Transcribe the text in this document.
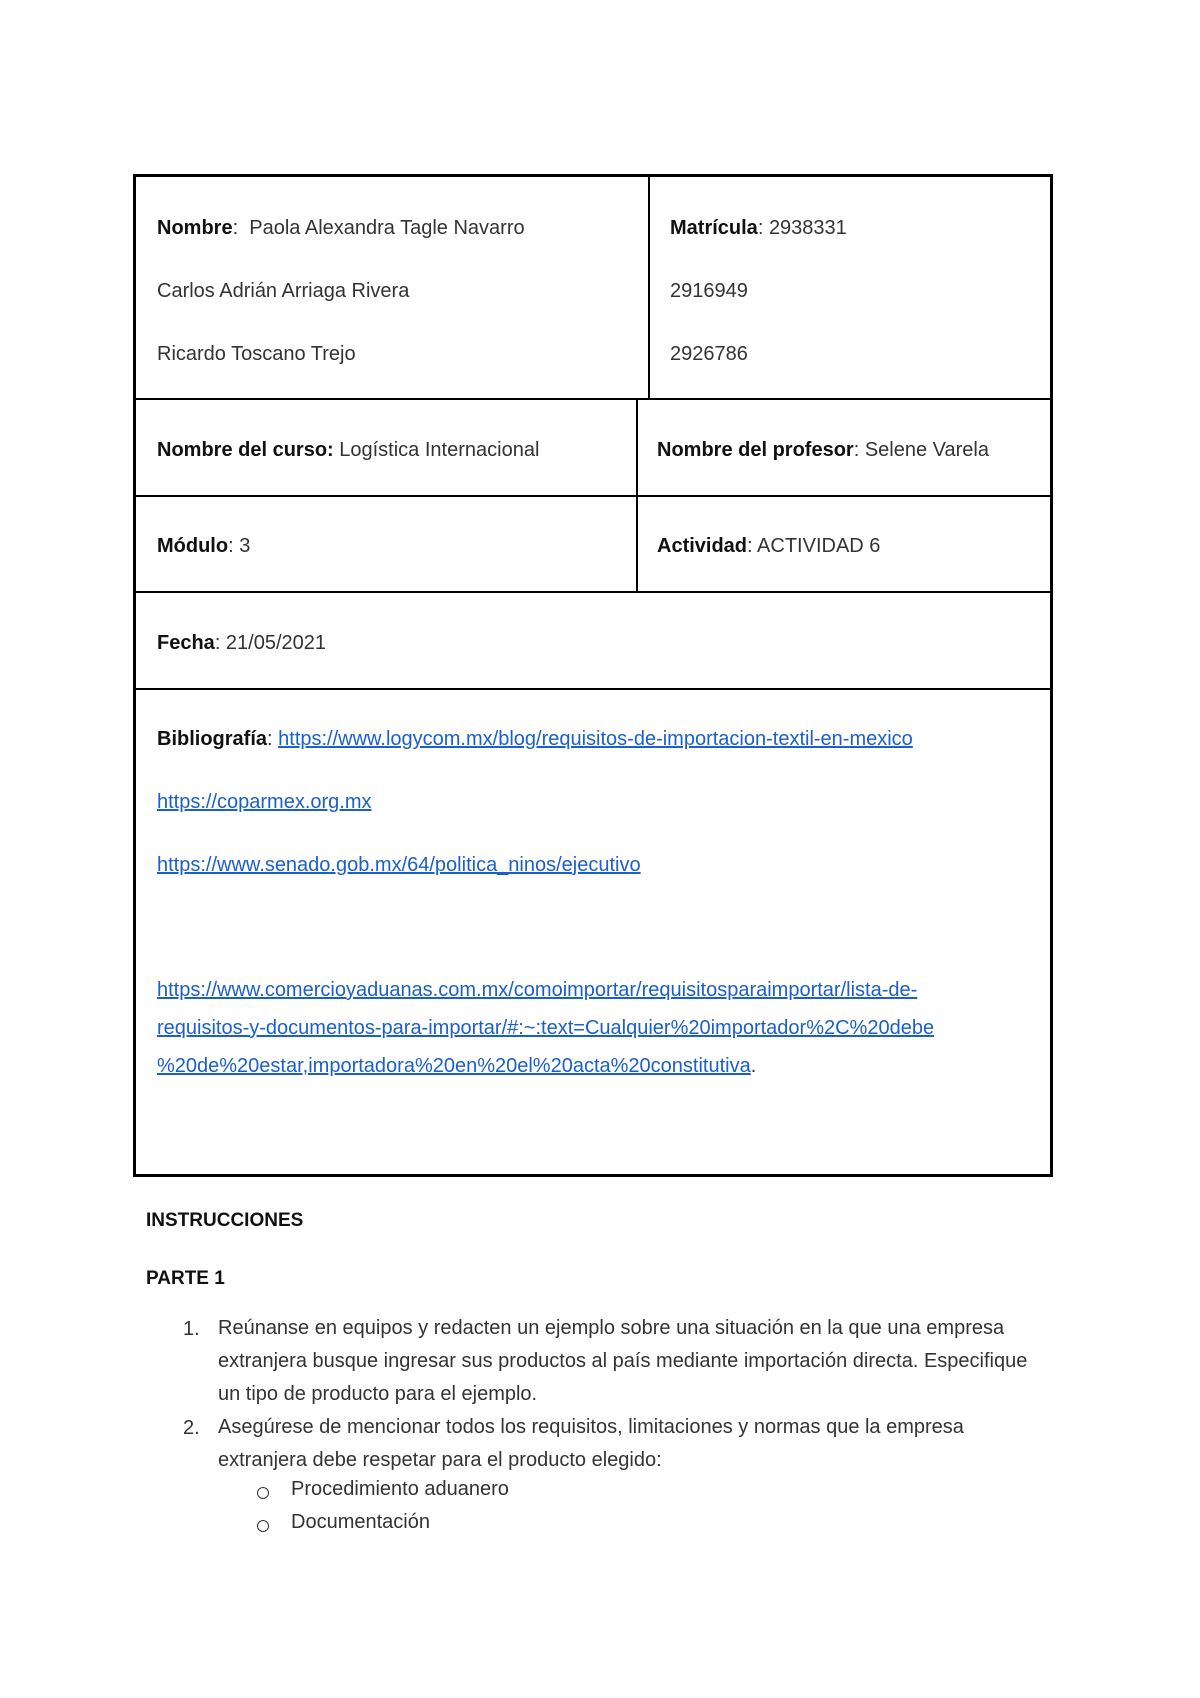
Nombre:  Paola Alexandra Tagle Navarro
Carlos Adrián Arriaga Rivera
Ricardo Toscano Trejo
Matrícula: 2938331
2916949
2926786
Nombre del curso: Logística Internacional	Nombre del profesor: Selene Varela
Módulo: 3	Actividad: ACTIVIDAD 6
Fecha: 21/05/2021
Bibliografía: https://www.logycom.mx/blog/requisitos-de-importacion-textil-en-mexico
https://coparmex.org.mx
https://www.senado.gob.mx/64/politica_ninos/ejecutivo
https://www.comercioyaduanas.com.mx/comoimportar/requisitosparaimportar/lista-de-
requisitos-y-documentos-para-importar/#:~:text=Cualquier%20importador%2C%20debe
%20de%20estar,importadora%20en%20el%20acta%20constitutiva.
INSTRUCCIONES
PARTE 1
1. Reúnanse en equipos y redacten un ejemplo sobre una situación en la que una empresa
extranjera busque ingresar sus productos al país mediante importación directa. Especifique
un tipo de producto para el ejemplo.
2. Asegúrese de mencionar todos los requisitos, limitaciones y normas que la empresa
extranjera debe respetar para el producto elegido:
Procedimiento aduanero
Documentación
